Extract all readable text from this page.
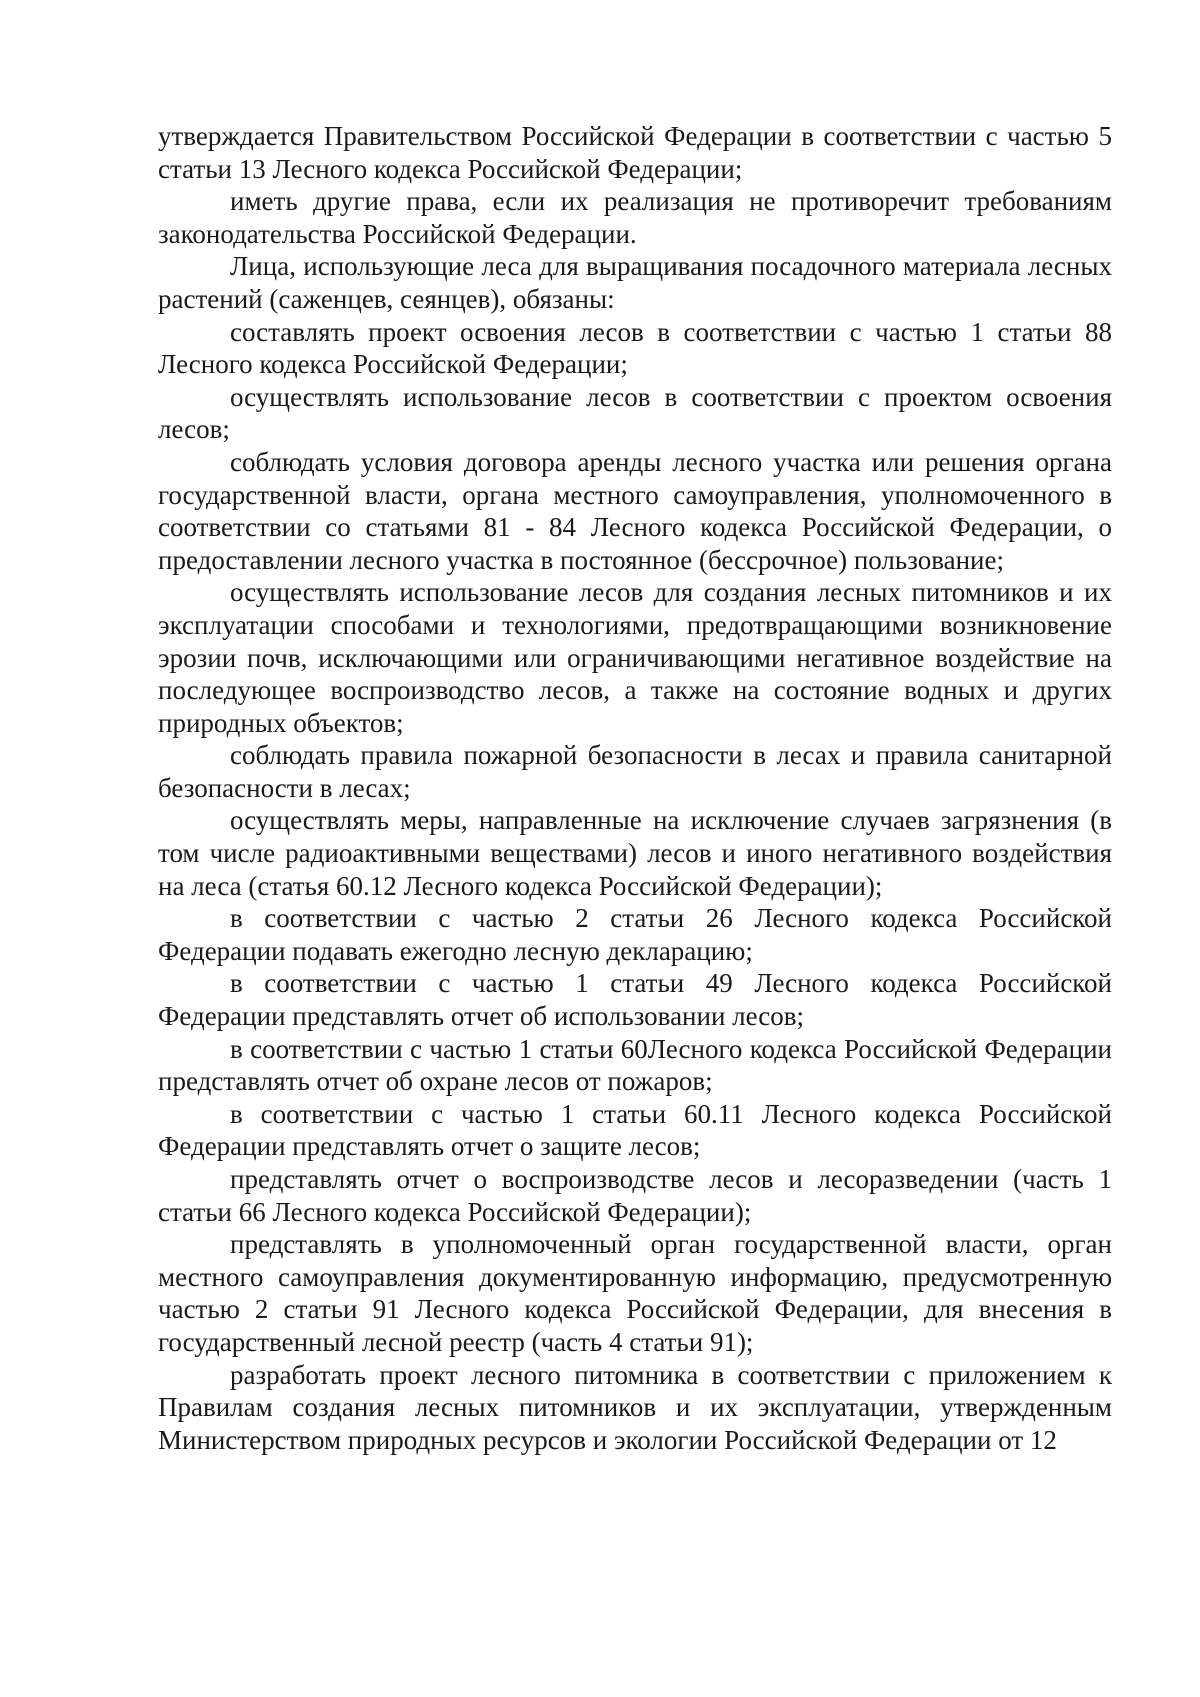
утверждается Правительством Российской Федерации в соответствии с частью 5 статьи 13 Лесного кодекса Российской Федерации;

иметь другие права, если их реализация не противоречит требованиям законодательства Российской Федерации.

Лица, использующие леса для выращивания посадочного материала лесных растений (саженцев, сеянцев), обязаны:

составлять проект освоения лесов в соответствии с частью 1 статьи 88 Лесного кодекса Российской Федерации;

осуществлять использование лесов в соответствии с проектом освоения лесов;

соблюдать условия договора аренды лесного участка или решения органа государственной власти, органа местного самоуправления, уполномоченного в соответствии со статьями 81 - 84 Лесного кодекса Российской Федерации, о предоставлении лесного участка в постоянное (бессрочное) пользование;

осуществлять использование лесов для создания лесных питомников и их эксплуатации способами и технологиями, предотвращающими возникновение эрозии почв, исключающими или ограничивающими негативное воздействие на последующее воспроизводство лесов, а также на состояние водных и других природных объектов;

соблюдать правила пожарной безопасности в лесах и правила санитарной безопасности в лесах;

осуществлять меры, направленные на исключение случаев загрязнения (в том числе радиоактивными веществами) лесов и иного негативного воздействия на леса (статья 60.12 Лесного кодекса Российской Федерации);

в соответствии с частью 2 статьи 26 Лесного кодекса Российской Федерации подавать ежегодно лесную декларацию;

в соответствии с частью 1 статьи 49 Лесного кодекса Российской Федерации представлять отчет об использовании лесов;

в соответствии с частью 1 статьи 60Лесного кодекса Российской Федерации представлять отчет об охране лесов от пожаров;

в соответствии с частью 1 статьи 60.11 Лесного кодекса Российской Федерации представлять отчет о защите лесов;

представлять отчет о воспроизводстве лесов и лесоразведении (часть 1 статьи 66 Лесного кодекса Российской Федерации);

представлять в уполномоченный орган государственной власти, орган местного самоуправления документированную информацию, предусмотренную частью 2 статьи 91 Лесного кодекса Российской Федерации, для внесения в государственный лесной реестр (часть 4 статьи 91);

разработать проект лесного питомника в соответствии с приложением к Правилам создания лесных питомников и их эксплуатации, утвержденным Министерством природных ресурсов и экологии Российской Федерации от 12
